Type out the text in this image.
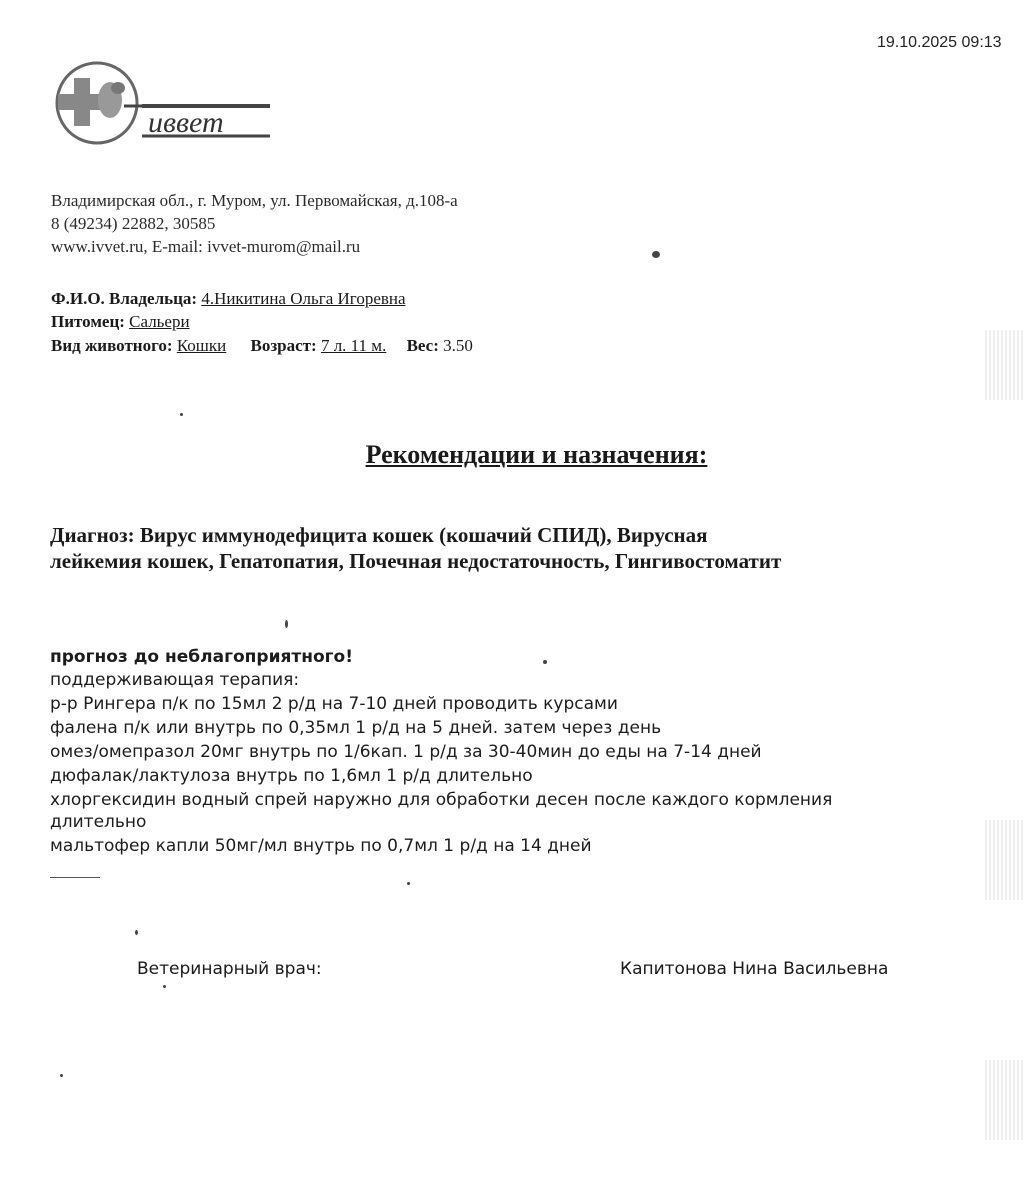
19.10.2025 09:13
иввет
Владимирская обл., г. Муром, ул. Первомайская, д.108-а
8 (49234) 22882, 30585
www.ivvet.ru, E-mail: ivvet-murom@mail.ru
Ф.И.О. Владельца: 4.Никитина Ольга Игоревна
Питомец: Сальери
Вид животного: Кошки Возраст: 7 л. 11 м. Вес: 3.50
Рекомендации и назначения:
Диагноз: Вирус иммунодефицита кошек (кошачий СПИД), Вирусная
лейкемия кошек, Гепатопатия, Почечная недостаточность, Гингивостоматит
прогноз до неблагоприятного!
поддерживающая терапия:
р-р Рингера п/к по 15мл 2 р/д на 7-10 дней проводить курсами
фалена п/к или внутрь по 0,35мл 1 р/д на 5 дней. затем через день
омез/омепразол 20мг внутрь по 1/6кап. 1 р/д за 30-40мин до еды на 7-14 дней
дюфалак/лактулоза внутрь по 1,6мл 1 р/д длительно
хлоргексидин водный спрей наружно для обработки десен после каждого кормления
длительно
мальтофер капли 50мг/мл внутрь по 0,7мл 1 р/д на 14 дней
Ветеринарный врач:	Капитонова Нина Васильевна
